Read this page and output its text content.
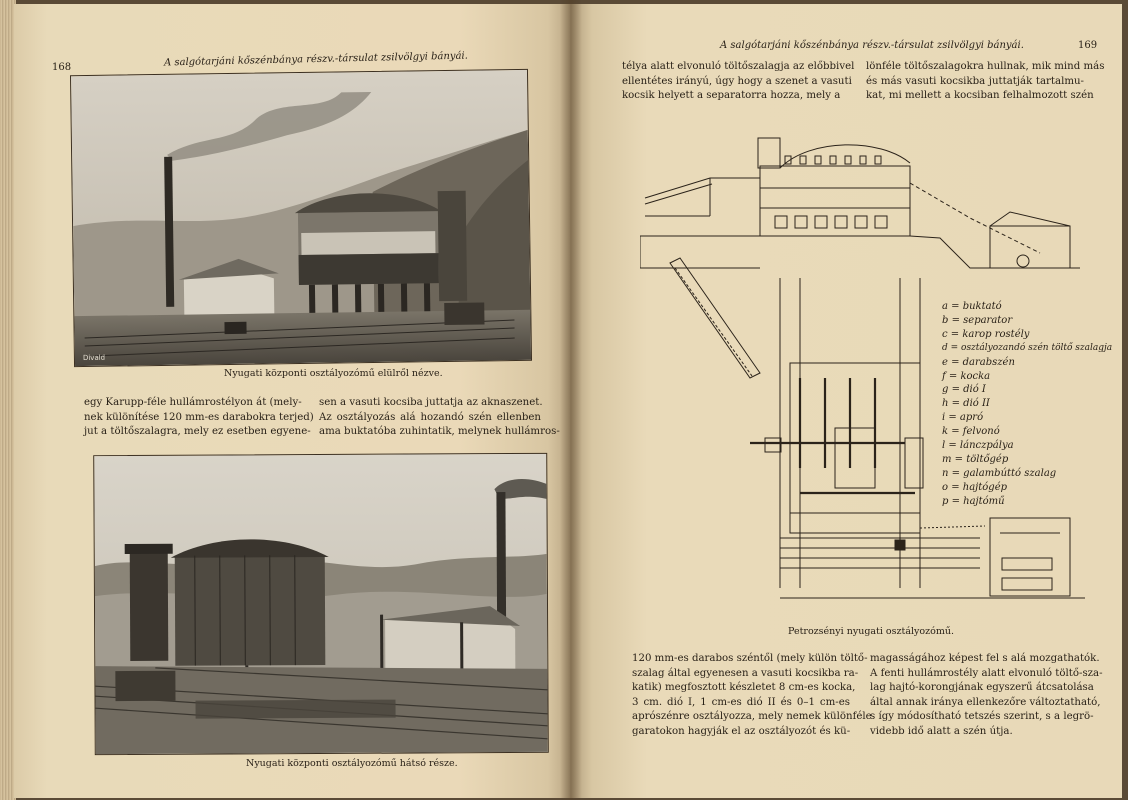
168	A salgótarjáni kőszénbánya részv.-társulat zsilvölgyi bányái.
Divald
Nyugati központi osztályozómű elülről nézve.
egy Karupp-féle hullámrostélyon át (mely-
nek különítése 120 mm-es darabokra terjed)
jut a töltőszalagra, mely ez esetben egyene-
sen a vasuti kocsiba juttatja az aknaszenet.
Az osztályozás alá hozandó szén ellenben
ama buktatóba zuhintatik, melynek hullámros-
Nyugati központi osztályozómű hátsó része.
A salgótarjáni kőszénbánya részv.-társulat zsilvölgyi bányái.	169
télya alatt elvonuló töltőszalagja az előbbivel
ellentétes irányú, úgy hogy a szenet a vasuti
kocsik helyett a separatorra hozza, mely a
lönféle töltőszalagokra hullnak, mik mind más
és más vasuti kocsikba juttatják tartalmu-
kat, mi mellett a kocsiban felhalmozott szén
a = buktató
b = separator
c = karop rostély
d = osztályozandó szén töltő szalagja
e = darabszén
f = kocka
g = dió I
h = dió II
i = apró
k = felvonó
l = lánczpálya
m = töltőgép
n = galambúttó szalag
o = hajtógép
p = hajtómű
Petrozsényi nyugati osztályozómű.
120 mm-es darabos széntől (mely külön töltő-
szalag által egyenesen a vasuti kocsikba ra-
katik) megfosztott készletet 8 cm-es kocka,
3 cm. dió I, 1 cm-es dió II és 0–1 cm-es
aprószénre osztályozza, mely nemek különféle
garatokon hagyják el az osztályozót és kü-
magasságához képest fel s alá mozgathatók.
A fenti hullámrostély alatt elvonuló töltő-sza-
lag hajtó-korongjának egyszerű átcsatolása
által annak iránya ellenkezőre változtatható,
s így módosítható tetszés szerint, s a legrö-
videbb idő alatt a szén útja.
